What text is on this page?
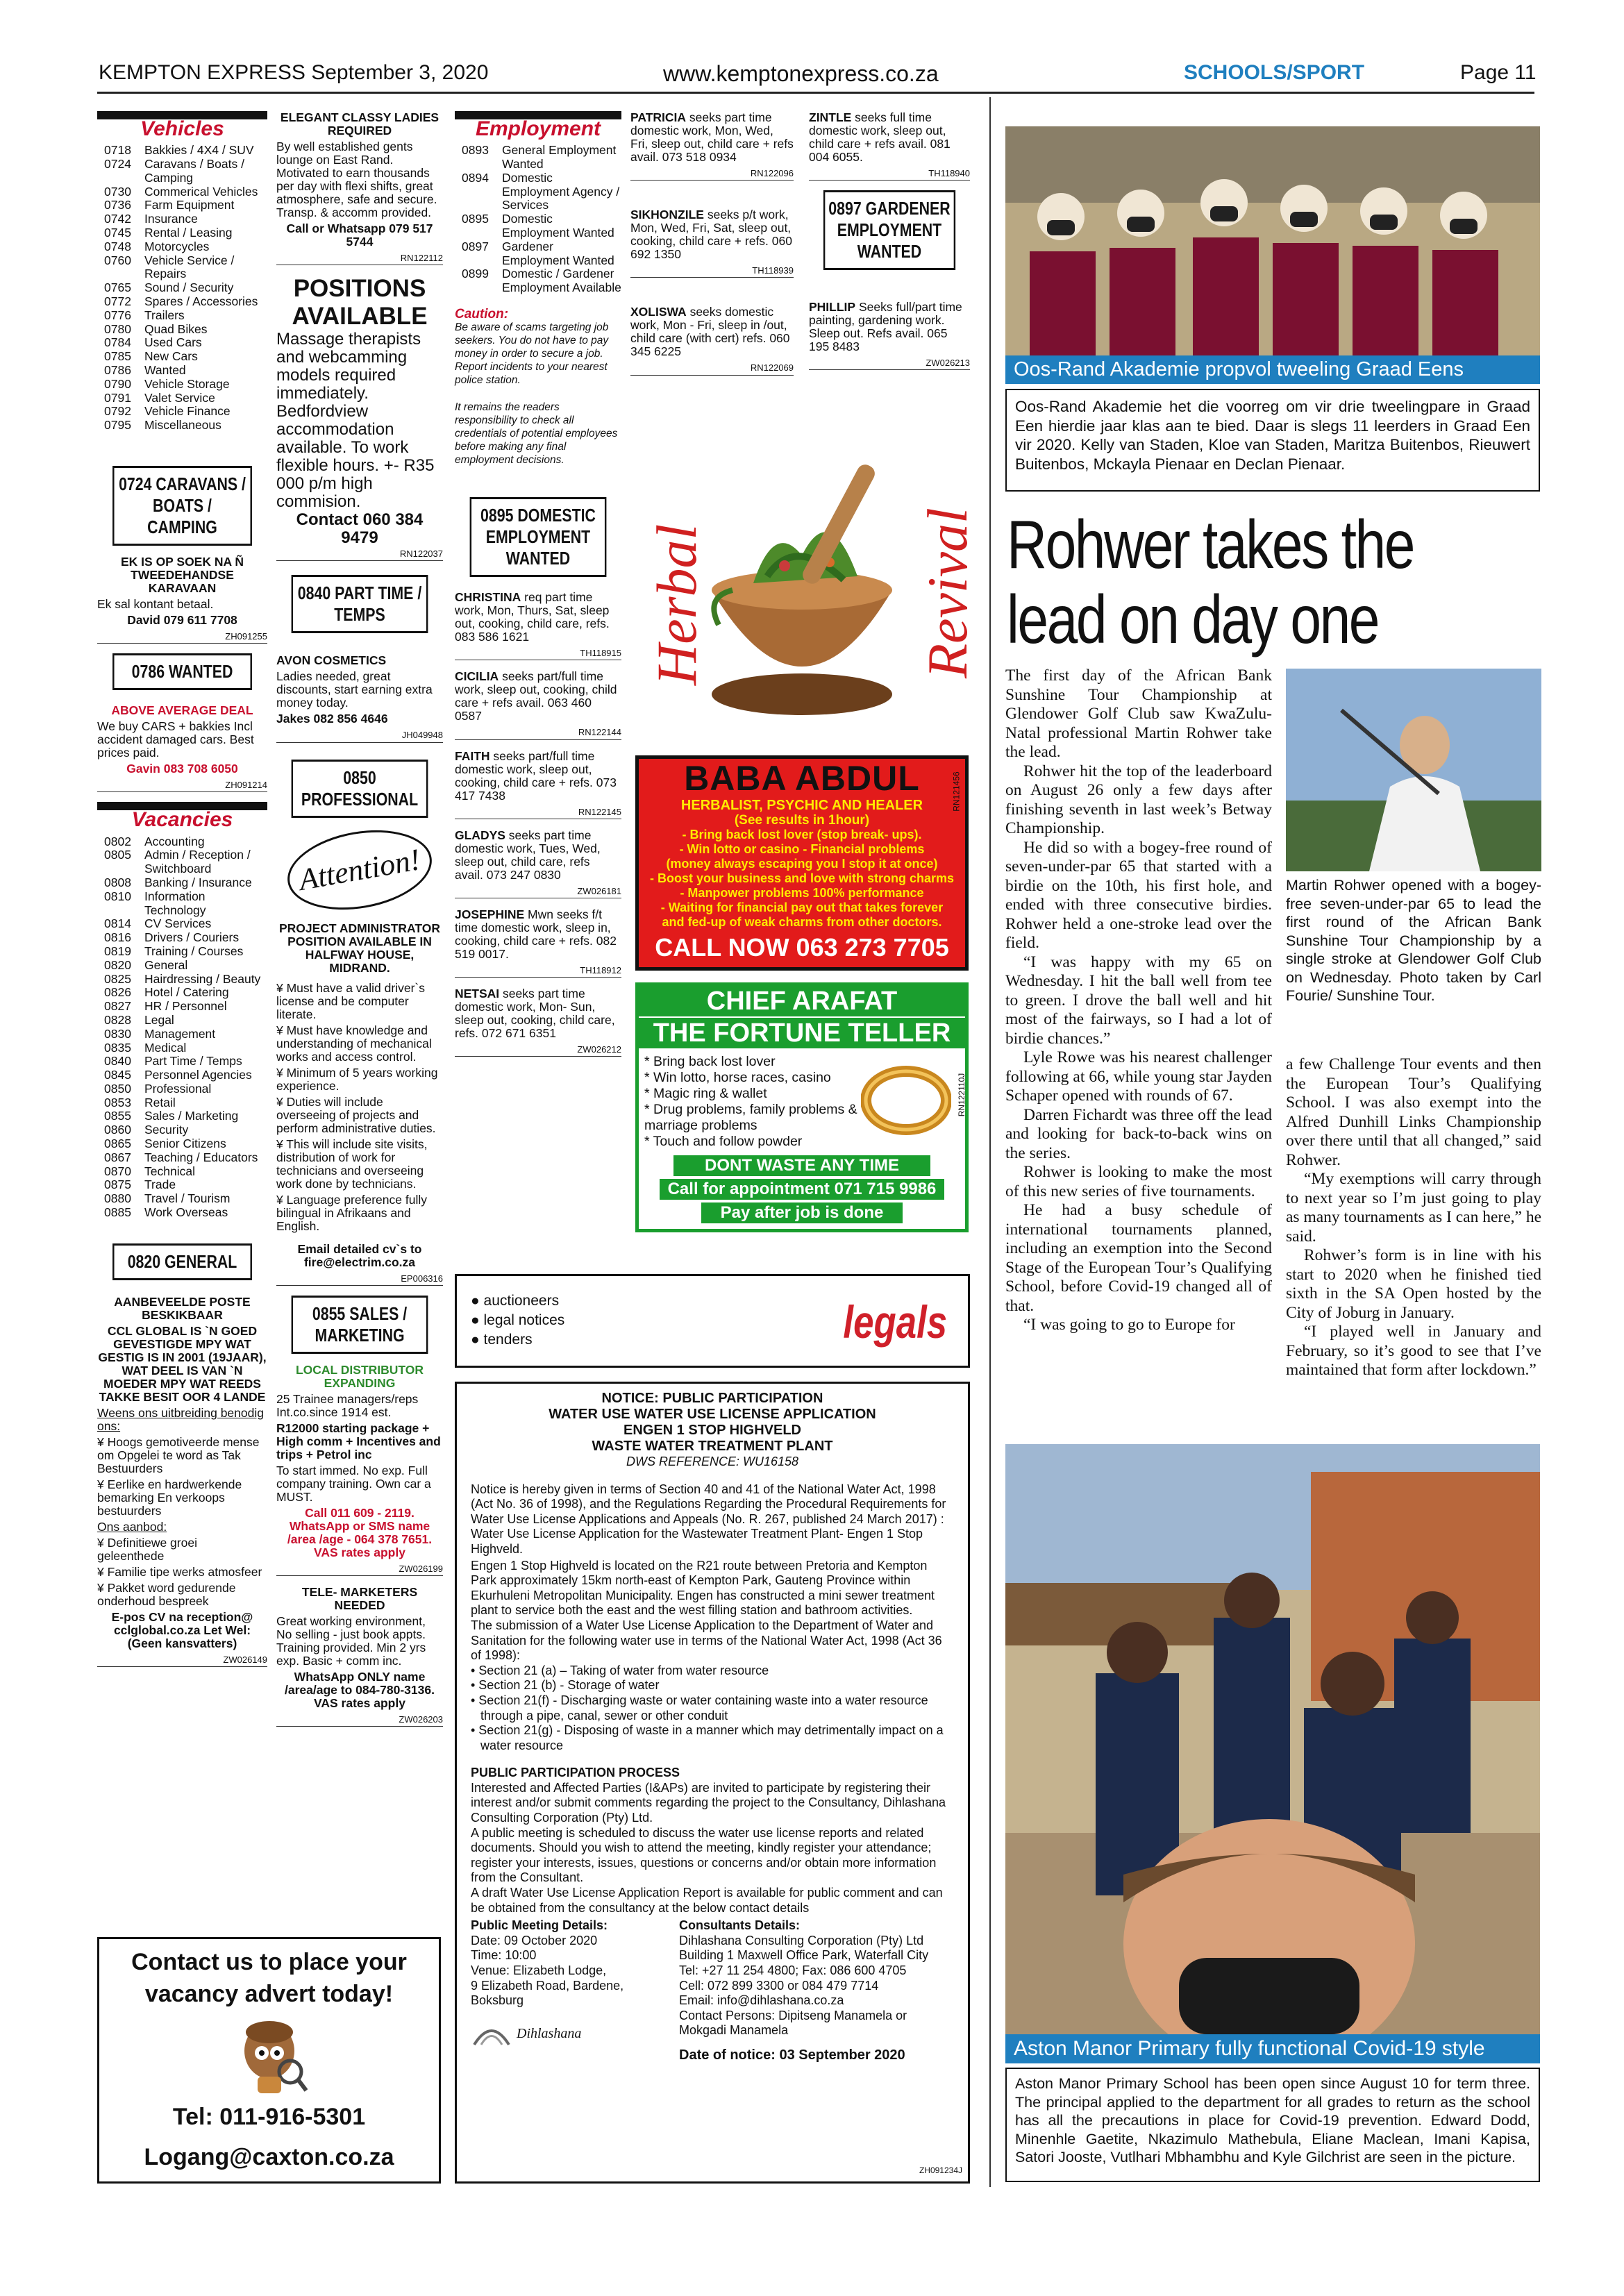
KEMPTON EXPRESS September 3, 2020	www.kemptonexpress.co.za	SCHOOLS/SPORT	Page 11
Vehicles
0718	Bakkies / 4X4 / SUV
0724	Caravans / Boats / Camping
0730	Commerical Vehicles
0736	Farm Equipment
0742	Insurance
0745	Rental / Leasing
0748	Motorcycles
0760	Vehicle Service / Repairs
0765	Sound / Security
0772	Spares / Accessories
0776	Trailers
0780	Quad Bikes
0784	Used Cars
0785	New Cars
0786	Wanted
0790	Vehicle Storage
0791	Valet Service
0792	Vehicle Finance
0795	Miscellaneous
0724 CARAVANS / BOATS / CAMPING
EK IS OP SOEK NA Ñ TWEEDEHANDSE KARAVAAN
Ek sal kontant betaal.
David 079 611 7708
ZH091255
0786 WANTED
ABOVE AVERAGE DEAL
We buy CARS + bakkies Incl accident damaged cars. Best prices paid.
Gavin 083 708 6050
ZH091214
Vacancies
0802	Accounting
0805	Admin / Reception / Switchboard
0808	Banking / Insurance
0810	Information Technology
0814	CV Services
0816	Drivers / Couriers
0819	Training / Courses
0820	General
0825	Hairdressing / Beauty
0826	Hotel / Catering
0827	HR / Personnel
0828	Legal
0830	Management
0835	Medical
0840	Part Time / Temps
0845	Personnel Agencies
0850	Professional
0853	Retail
0855	Sales / Marketing
0860	Security
0865	Senior Citizens
0867	Teaching / Educators
0870	Technical
0875	Trade
0880	Travel / Tourism
0885	Work Overseas
0820 GENERAL
AANBEVEELDE POSTE BESKIKBAAR
CCL GLOBAL IS `N GOED GEVESTIGDE MPY WAT GESTIG IS IN 2001 (19JAAR), WAT DEEL IS VAN `N MOEDER MPY WAT REEDS TAKKE BESIT OOR 4 LANDE
Weens ons uitbreiding benodig ons:
¥ Hoogs gemotiveerde mense om Opgelei te word as Tak Bestuurders
¥ Eerlike en hardwerkende bemarking En verkoops bestuurders
Ons aanbod:
¥ Definitiewe groei geleenthede
¥ Familie tipe werks atmosfeer
¥ Pakket word gedurende onderhoud bespreek
E-pos CV na reception@ cclglobal.co.za Let Wel: (Geen kansvatters)
ZW026149
ELEGANT CLASSY LADIES REQUIRED
By well established gents lounge on East Rand. Motivated to earn thousands per day with flexi shifts, great atmosphere, safe and secure. Transp. & accomm provided.
Call or Whatsapp 079 517 5744
RN122112
POSITIONS AVAILABLE
Massage therapists and webcamming models required immediately. Bedfordview accommodation available. To work flexible hours. +- R35 000 p/m high commision.
Contact 060 384 9479
RN122037
0840 PART TIME / TEMPS
AVON COSMETICS
Ladies needed, great discounts, start earning extra money today.
Jakes 082 856 4646
JH049948
0850 PROFESSIONAL
Attention!
PROJECT ADMINISTRATOR POSITION AVAILABLE IN HALFWAY HOUSE, MIDRAND.
¥ Must have a valid driver`s license and be computer literate.
¥ Must have knowledge and understanding of mechanical works and access control.
¥ Minimum of 5 years working experience.
¥ Duties will include overseeing of projects and perform administrative duties.
¥ This will include site visits, distribution of work for technicians and overseeing work done by technicians.
¥ Language preference fully bilingual in Afrikaans and English.
Email detailed cv`s to fire@electrim.co.za
EP006316
0855 SALES / MARKETING
LOCAL DISTRIBUTOR EXPANDING
25 Trainee managers/reps Int.co.since 1914 est.
R12000 starting package + High comm + Incentives and trips + Petrol inc
To start immed. No exp. Full company training. Own car a MUST.
Call 011 609 - 2119. WhatsApp or SMS name /area /age - 064 378 7651. VAS rates apply
ZW026199
TELE- MARKETERS NEEDED
Great working environment, No selling - just book appts. Training provided. Min 2 yrs exp. Basic + comm inc.
WhatsApp ONLY name /area/age to 084-780-3136. VAS rates apply
ZW026203
Employment
0893	General Employment Wanted
0894	Domestic Employment Agency / Services
0895	Domestic Employment Wanted
0897	Gardener Employment Wanted
0899	Domestic / Gardener Employment Available
Caution:
Be aware of scams targeting job seekers. You do not have to pay money in order to secure a job. Report incidents to your nearest police station.
It remains the readers responsibility to check all credentials of potential employees before making any final employment decisions.
0895 DOMESTIC EMPLOYMENT WANTED
CHRISTINA req part time work, Mon, Thurs, Sat, sleep out, cooking, child care, refs. 083 586 1621
TH118915
CICILIA seeks part/full time work, sleep out, cooking, child care + refs avail. 063 460 0587
RN122144
FAITH seeks part/full time domestic work, sleep out, cooking, child care + refs. 073 417 7438
RN122145
GLADYS seeks part time domestic work, Tues, Wed, sleep out, child care, refs avail. 073 247 0830
ZW026181
JOSEPHINE Mwn seeks f/t time domestic work, sleep in, cooking, child care + refs. 082 519 0017.
TH118912
NETSAI seeks part time domestic work, Mon- Sun, sleep out, cooking, child care, refs. 072 671 6351
ZW026212
PATRICIA seeks part time domestic work, Mon, Wed, Fri, sleep out, child care + refs avail. 073 518 0934
RN122096
SIKHONZILE seeks p/t work, Mon, Wed, Fri, Sat, sleep out, cooking, child care + refs. 060 692 1350
TH118939
XOLISWA seeks domestic work, Mon - Fri, sleep in /out, child care (with cert) refs. 060 345 6225
RN122069
ZINTLE seeks full time domestic work, sleep out, child care + refs avail. 081 004 6055.
TH118940
0897 GARDENER EMPLOYMENT WANTED
PHILLIP Seeks full/part time painting, gardening work. Sleep out. Refs avail. 065 195 8483
ZW026213
Herbal	Revival
BABA ABDUL
HERBALIST, PSYCHIC AND HEALER
(See results in 1hour)
- Bring back lost lover (stop break- ups).
- Win lotto or casino - Financial problems
(money always escaping you I stop it at once)
- Boost your business and love with strong charms
- Manpower problems 100% performance
- Waiting for financial pay out that takes forever
and fed-up of weak charms from other doctors.
CALL NOW 063 273 7705
RN121456
CHIEF ARAFAT
THE FORTUNE TELLER
* Bring back lost lover
* Win lotto, horse races, casino
* Magic ring & wallet
* Drug problems, family problems & marriage problems
* Touch and follow powder
DONT WASTE ANY TIME
Call for appointment 071 715 9986
Pay after job is done
RN122110J
● auctioneers
● legal notices
● tenders	legals
NOTICE: PUBLIC PARTICIPATION
WATER USE WATER USE LICENSE APPLICATION
ENGEN 1 STOP HIGHVELD
WASTE WATER TREATMENT PLANT
DWS REFERENCE: WU16158

Notice is hereby given in terms of Section 40 and 41 of the National Water Act, 1998 (Act No. 36 of 1998), and the Regulations Regarding the Procedural Requirements for Water Use License Applications and Appeals (No. R. 267, published 24 March 2017) : Water Use License Application for the Wastewater Treatment Plant- Engen 1 Stop Highveld.

Engen 1 Stop Highveld is located on the R21 route between Pretoria and Kempton Park approximately 15km north-east of Kempton Park, Gauteng Province within Ekurhuleni Metropolitan Municipality. Engen has constructed a mini sewer treatment plant to service both the east and the west filling station and bathroom activities.

The submission of a Water Use License Application to the Department of Water and Sanitation for the following water use in terms of the National Water Act, 1998 (Act 36 of 1998):

• Section 21 (a) – Taking of water from water resource

• Section 21 (b) - Storage of water

• Section 21(f) - Discharging waste or water containing waste into a water resource through a pipe, canal, sewer or other conduit

• Section 21(g) - Disposing of waste in a manner which may detrimentally impact on a water resource

PUBLIC PARTICIPATION PROCESS

Interested and Affected Parties (I&APs) are invited to participate by registering their interest and/or submit comments regarding the project to the Consultancy, Dihlashana Consulting Corporation (Pty) Ltd.

A public meeting is scheduled to discuss the water use license reports and related documents. Should you wish to attend the meeting, kindly register your attendance; register your interests, issues, questions or concerns and/or obtain more information from the Consultant.

A draft Water Use License Application Report is available for public comment and can be obtained from the consultancy at the below contact details

Public Meeting Details:
Date: 09 October 2020
Time: 10:00
Venue: Elizabeth Lodge,
9 Elizabeth Road, Bardene,
Boksburg
Dihlashana
Consultants Details:
Dihlashana Consulting Corporation (Pty) Ltd
Building 1 Maxwell Office Park, Waterfall City
Tel: +27 11 254 4800; Fax: 086 600 4705
Cell: 072 899 3300 or 084 479 7714
Email: info@dihlashana.co.za
Contact Persons: Dipitseng Manamela or
Mokgadi Manamela
Date of notice: 03 September 2020
ZH091234J
Contact us to place your vacancy advert today!
Tel: 011-916-5301
Logang@caxton.co.za
Oos-Rand Akademie propvol tweeling Graad Eens
Oos-Rand Akademie het die voorreg om vir drie tweelingpare in Graad Een hierdie jaar klas aan te bied. Daar is slegs 11 leerders in Graad Een vir 2020. Kelly van Staden, Kloe van Staden, Maritza Buitenbos, Rieuwert Buitenbos, Mckayla Pienaar en Declan Pienaar.
Rohwer takes the lead on day one

The first day of the African Bank Sunshine Tour Championship at Glendower Golf Club saw KwaZulu-Natal professional Martin Rohwer take the lead.

Rohwer hit the top of the leaderboard on August 26 only a few days after finishing seventh in last week’s Betway Championship.

He did so with a bogey-free round of seven-under-par 65 that started with a birdie on the 10th, his first hole, and ended with three consecutive birdies. Rohwer held a one-stroke lead over the field.

“I was happy with my 65 on Wednesday. I hit the ball well from tee to green. I drove the ball well and hit most of the fairways, so I had a lot of birdie chances.”

Lyle Rowe was his nearest challenger following at 66, while young star Jayden Schaper opened with rounds of 67.

Darren Fichardt was three off the lead and looking for back-to-back wins on the series.

Rohwer is looking to make the most of this new series of five tournaments.

He had a busy schedule of international tournaments planned, including an exemption into the Second Stage of the European Tour’s Qualifying School, before Covid-19 changed all of that.

“I was going to go to Europe for

Martin Rohwer opened with a bogey-free seven-under-par 65 to lead the first round of the African Bank Sunshine Tour Championship by a single stroke at Glendower Golf Club on Wednesday. Photo taken by Carl Fourie/ Sunshine Tour.

a few Challenge Tour events and then the European Tour’s Qualifying School. I was also exempt into the Alfred Dunhill Links Championship over there until that all changed,” said Rohwer.

“My exemptions will carry through to next year so I’m just going to play as many tournaments as I can here,” he said.

Rohwer’s form is in line with his start to 2020 when he finished tied sixth in the SA Open hosted by the City of Joburg in January.

“I played well in January and February, so it’s good to see that I’ve maintained that form after lockdown.”

Aston Manor Primary fully functional Covid-19 style
Aston Manor Primary School has been open since August 10 for term three. The principal applied to the department for all grades to return as the school has all the precautions in place for Covid-19 prevention. Edward Dodd, Minenhle Gaetite, Nkazimulo Mathebula, Eliane Maclean, Imani Kapisa, Satori Jooste, Vutlhari Mbhambhu and Kyle Gilchrist are seen in the picture.
